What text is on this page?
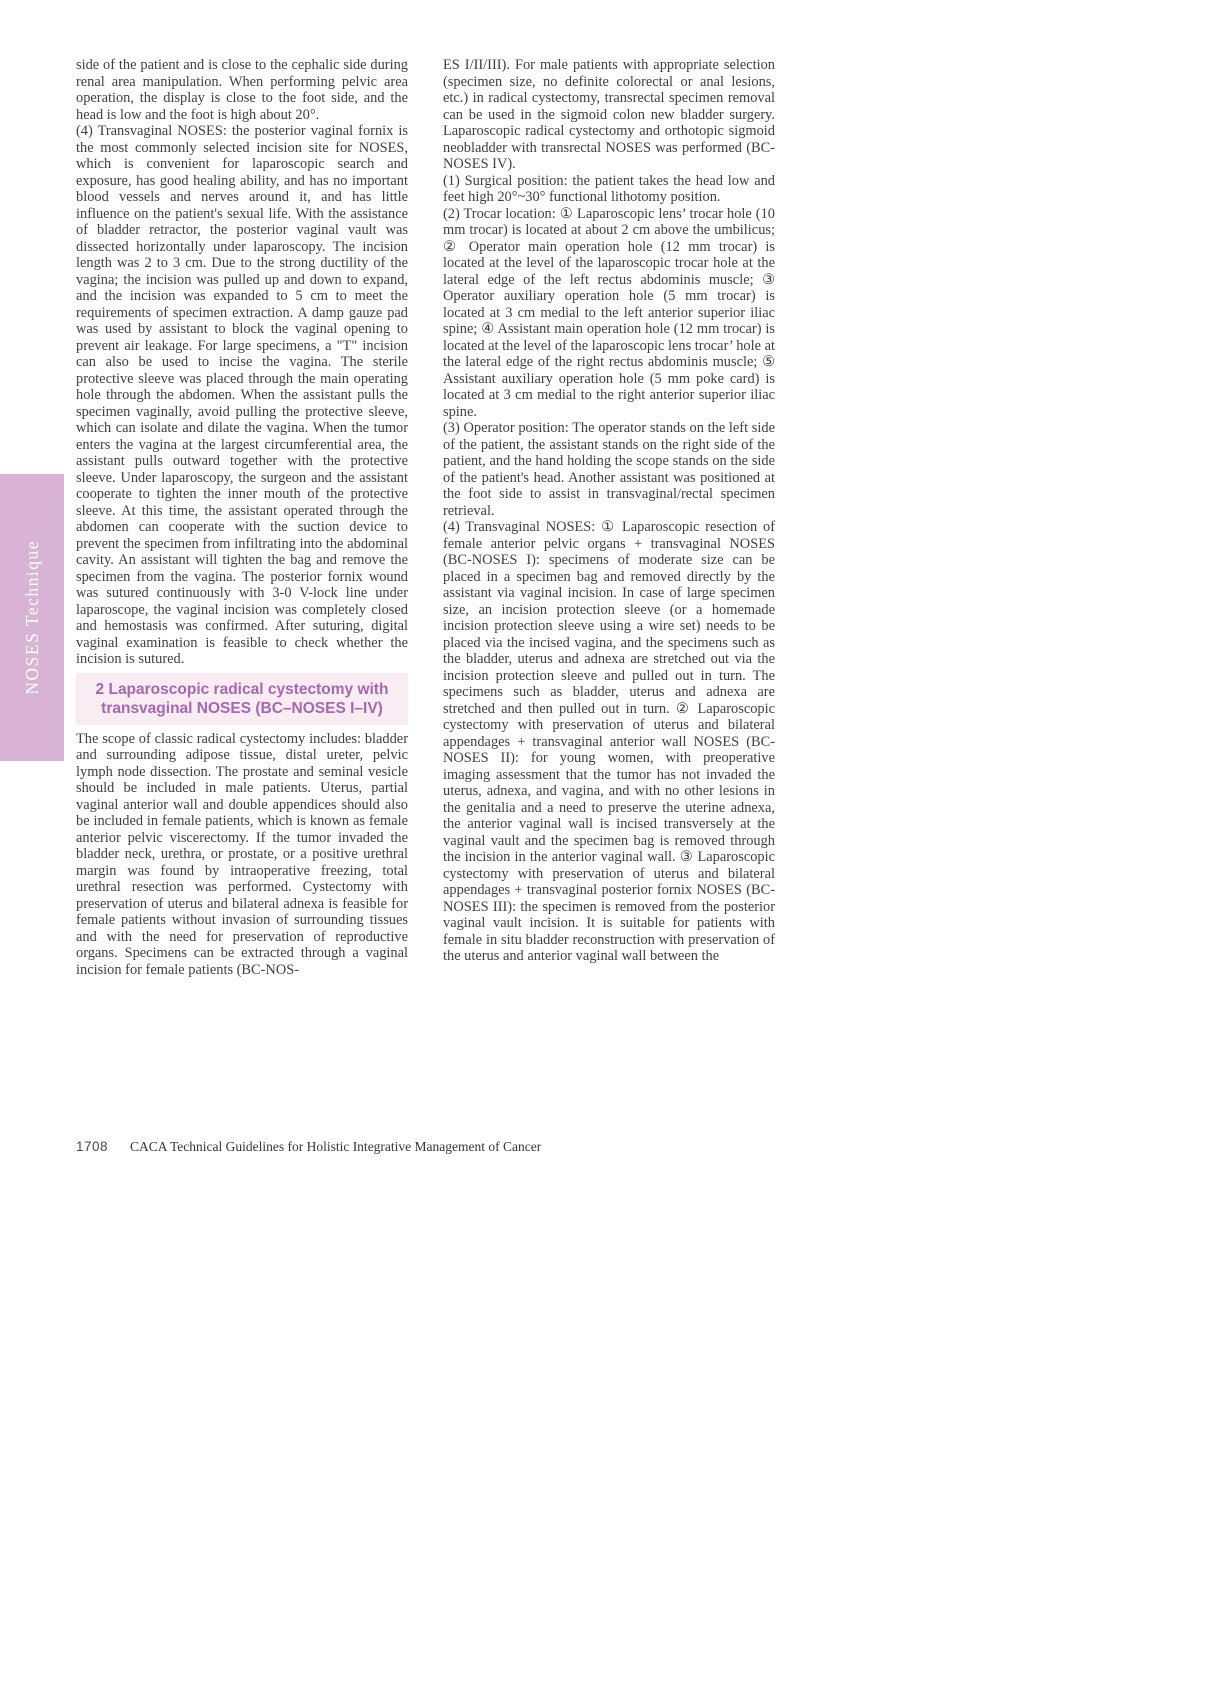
NOSES Technique

side of the patient and is close to the cephalic side during renal area manipulation. When performing pelvic area operation, the display is close to the foot side, and the head is low and the foot is high about 20°.

(4) Transvaginal NOSES: the posterior vaginal fornix is the most commonly selected incision site for NOSES, which is convenient for laparoscopic search and exposure, has good healing ability, and has no important blood vessels and nerves around it, and has little influence on the patient's sexual life. With the assistance of bladder retractor, the posterior vaginal vault was dissected horizontally under laparoscopy. The incision length was 2 to 3 cm. Due to the strong ductility of the vagina; the incision was pulled up and down to expand, and the incision was expanded to 5 cm to meet the requirements of specimen extraction. A damp gauze pad was used by assistant to block the vaginal opening to prevent air leakage. For large specimens, a "T" incision can also be used to incise the vagina. The sterile protective sleeve was placed through the main operating hole through the abdomen. When the assistant pulls the specimen vaginally, avoid pulling the protective sleeve, which can isolate and dilate the vagina. When the tumor enters the vagina at the largest circumferential area, the assistant pulls outward together with the protective sleeve. Under laparoscopy, the surgeon and the assistant cooperate to tighten the inner mouth of the protective sleeve. At this time, the assistant operated through the abdomen can cooperate with the suction device to prevent the specimen from infiltrating into the abdominal cavity. An assistant will tighten the bag and remove the specimen from the vagina. The posterior fornix wound was sutured continuously with 3-0 V-lock line under laparoscope, the vaginal incision was completely closed and hemostasis was confirmed. After suturing, digital vaginal examination is feasible to check whether the incision is sutured.

2 Laparoscopic radical cystectomy with transvaginal NOSES (BC–NOSES I–IV)

The scope of classic radical cystectomy includes: bladder and surrounding adipose tissue, distal ureter, pelvic lymph node dissection. The prostate and seminal vesicle should be included in male patients. Uterus, partial vaginal anterior wall and double appendices should also be included in female patients, which is known as female anterior pelvic viscerectomy. If the tumor invaded the bladder neck, urethra, or prostate, or a positive urethral margin was found by intraoperative freezing, total urethral resection was performed. Cystectomy with preservation of uterus and bilateral adnexa is feasible for female patients without invasion of surrounding tissues and with the need for preservation of reproductive organs. Specimens can be extracted through a vaginal incision for female patients (BC-NOS-

ES I/II/III). For male patients with appropriate selection (specimen size, no definite colorectal or anal lesions, etc.) in radical cystectomy, transrectal specimen removal can be used in the sigmoid colon new bladder surgery. Laparoscopic radical cystectomy and orthotopic sigmoid neobladder with transrectal NOSES was performed (BC-NOSES IV).

(1) Surgical position: the patient takes the head low and feet high 20°~30° functional lithotomy position.

(2) Trocar location: ① Laparoscopic lens’ trocar hole (10 mm trocar) is located at about 2 cm above the umbilicus; ② Operator main operation hole (12 mm trocar) is located at the level of the laparoscopic trocar hole at the lateral edge of the left rectus abdominis muscle; ③ Operator auxiliary operation hole (5 mm trocar) is located at 3 cm medial to the left anterior superior iliac spine; ④ Assistant main operation hole (12 mm trocar) is located at the level of the laparoscopic lens trocar’ hole at the lateral edge of the right rectus abdominis muscle; ⑤ Assistant auxiliary operation hole (5 mm poke card) is located at 3 cm medial to the right anterior superior iliac spine.

(3) Operator position: The operator stands on the left side of the patient, the assistant stands on the right side of the patient, and the hand holding the scope stands on the side of the patient's head. Another assistant was positioned at the foot side to assist in transvaginal/rectal specimen retrieval.

(4) Transvaginal NOSES: ① Laparoscopic resection of female anterior pelvic organs + transvaginal NOSES (BC-NOSES I): specimens of moderate size can be placed in a specimen bag and removed directly by the assistant via vaginal incision. In case of large specimen size, an incision protection sleeve (or a homemade incision protection sleeve using a wire set) needs to be placed via the incised vagina, and the specimens such as the bladder, uterus and adnexa are stretched out via the incision protection sleeve and pulled out in turn. The specimens such as bladder, uterus and adnexa are stretched and then pulled out in turn. ② Laparoscopic cystectomy with preservation of uterus and bilateral appendages + transvaginal anterior wall NOSES (BC-NOSES II): for young women, with preoperative imaging assessment that the tumor has not invaded the uterus, adnexa, and vagina, and with no other lesions in the genitalia and a need to preserve the uterine adnexa, the anterior vaginal wall is incised transversely at the vaginal vault and the specimen bag is removed through the incision in the anterior vaginal wall. ③ Laparoscopic cystectomy with preservation of uterus and bilateral appendages + transvaginal posterior fornix NOSES (BC-NOSES III): the specimen is removed from the posterior vaginal vault incision. It is suitable for patients with female in situ bladder reconstruction with preservation of the uterus and anterior vaginal wall between the

1708 CACA Technical Guidelines for Holistic Integrative Management of Cancer
